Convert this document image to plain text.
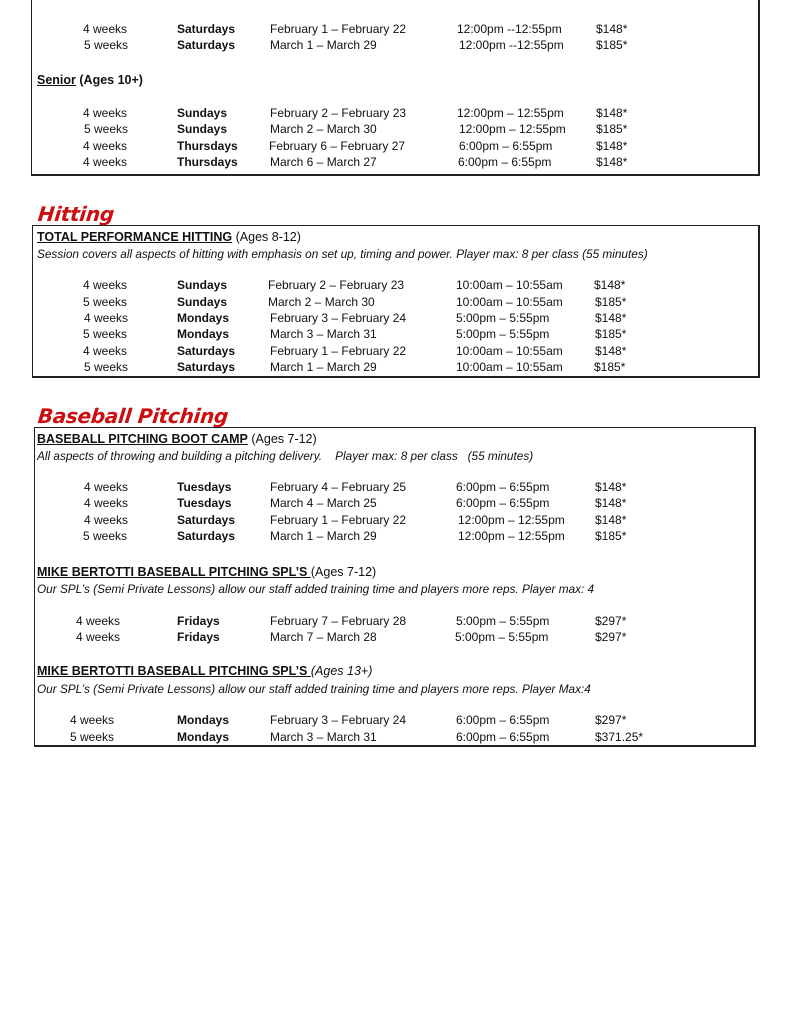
4 weeks	Saturdays	February 1 – February 22	12:00pm --12:55pm	$148*
5 weeks	Saturdays	March 1 – March 29	12:00pm --12:55pm	$185*
Senior (Ages 10+)
4 weeks	Sundays	February 2 – February 23	12:00pm – 12:55pm	$148*
5 weeks	Sundays	March 2 – March 30	12:00pm – 12:55pm	$185*
4 weeks	Thursdays	February 6 – February 27	6:00pm – 6:55pm	$148*
4 weeks	Thursdays	March 6 – March 27	6:00pm – 6:55pm	$148*
Hitting
TOTAL PERFORMANCE HITTING (Ages 8-12)
Session covers all aspects of hitting with emphasis on set up, timing and power. Player max: 8 per class (55 minutes)
4 weeks	Sundays	February 2 – February 23	10:00am – 10:55am	$148*
5 weeks	Sundays	March 2 – March 30	10:00am – 10:55am	$185*
4 weeks	Mondays	February 3 – February 24	5:00pm – 5:55pm	$148*
5 weeks	Mondays	March 3 – March 31	5:00pm – 5:55pm	$185*
4 weeks	Saturdays	February 1 – February 22	10:00am – 10:55am	$148*
5 weeks	Saturdays	March 1 – March 29	10:00am – 10:55am	$185*
Baseball Pitching
BASEBALL PITCHING BOOT CAMP (Ages 7-12)
All aspects of throwing and building a pitching delivery.    Player max: 8 per class   (55 minutes)
4 weeks	Tuesdays	February 4 – February 25	6:00pm – 6:55pm	$148*
4 weeks	Tuesdays	March 4 – March 25	6:00pm – 6:55pm	$148*
4 weeks	Saturdays	February 1 – February 22	12:00pm – 12:55pm	$148*
5 weeks	Saturdays	March 1 – March 29	12:00pm – 12:55pm	$185*
MIKE BERTOTTI BASEBALL PITCHING SPL’S (Ages 7-12)
Our SPL’s (Semi Private Lessons) allow our staff added training time and players more reps. Player max: 4
4 weeks	Fridays	February 7 – February 28	5:00pm – 5:55pm	$297*
4 weeks	Fridays	March 7 – March 28	5:00pm – 5:55pm	$297*
MIKE BERTOTTI BASEBALL PITCHING SPL’S (Ages 13+)
Our SPL’s (Semi Private Lessons) allow our staff added training time and players more reps. Player Max:4
4 weeks	Mondays	February 3 – February 24	6:00pm – 6:55pm	$297*
5 weeks	Mondays	March 3 – March 31	6:00pm – 6:55pm	$371.25*
